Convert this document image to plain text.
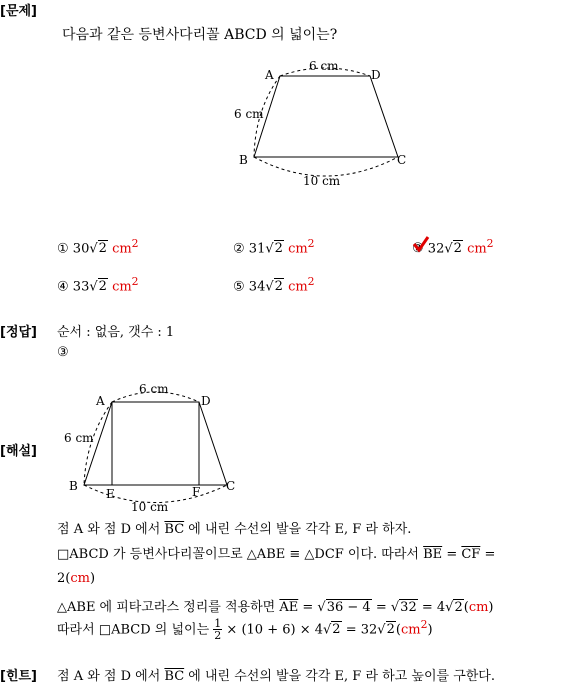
[문제]
다음과 같은 등변사다리꼴 ABCD 의 넓이는?
A	D
B	C
6 cm
6 cm
10 cm
① 30√2 $cm^2$	② 31√2 $cm^2$	③ 32√2 $cm^2$
④ 33√2 $cm^2$	⑤ 34√2 $cm^2$
[정답] 순서 : 없음, 갯수 : 1
③
[해설]
A	D
B	C
E	F
6 cm
6 cm
10 cm
점 A 와 점 D 에서 $\overline{BC}$ 에 내린 수선의 발을 각각 E, F 라 하자.
□ABCD 가 등변사다리꼴이므로 △ABE ≡ △DCF 이다. 따라서 $\overline{BE} = \overline{CF}$ =
2(cm)
△ABE 에 피타고라스 정리를 적용하면 $\overline{AE} = √36 - 4 = √32 = 4√2(cm)$
따라서 □ABCD 의 넓이는 $\frac{1}{2} \times (10 + 6) \times 4√2 = 32√2(cm^2)$
[힌트] 점 A 와 점 D 에서 $\overline{BC}$ 에 내린 수선의 발을 각각 E, F 라 하고 높이를 구한다.
